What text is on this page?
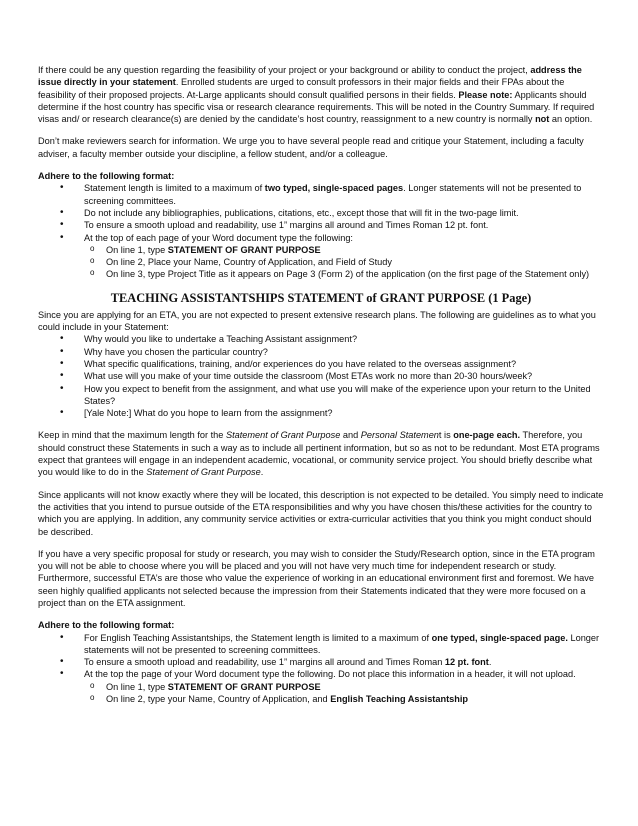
If there could be any question regarding the feasibility of your project or your background or ability to conduct the project, address the issue directly in your statement. Enrolled students are urged to consult professors in their major fields and their FPAs about the feasibility of their proposed projects. At-Large applicants should consult qualified persons in their fields. Please note: Applicants should determine if the host country has specific visa or research clearance requirements. This will be noted in the Country Summary. If required visas and/ or research clearance(s) are denied by the candidate’s host country, reassignment to a new country is normally not an option.

Don’t make reviewers search for information. We urge you to have several people read and critique your Statement, including a faculty adviser, a faculty member outside your discipline, a fellow student, and/or a colleague.

Adhere to the following format:
• Statement length is limited to a maximum of two typed, single-spaced pages. Longer statements will not be presented to screening committees.
• Do not include any bibliographies, publications, citations, etc., except those that will fit in the two-page limit.
• To ensure a smooth upload and readability, use 1” margins all around and Times Roman 12 pt. font.
• At the top of each page of your Word document type the following:
o On line 1, type STATEMENT OF GRANT PURPOSE
o On line 2, Place your Name, Country of Application, and Field of Study
o On line 3, type Project Title as it appears on Page 3 (Form 2) of the application (on the first page of the Statement only)
TEACHING ASSISTANTSHIPS STATEMENT of GRANT PURPOSE (1 Page)
Since you are applying for an ETA, you are not expected to present extensive research plans. The following are guidelines as to what you could include in your Statement:
• Why would you like to undertake a Teaching Assistant assignment?
• Why have you chosen the particular country?
• What specific qualifications, training, and/or experiences do you have related to the overseas assignment?
• What use will you make of your time outside the classroom (Most ETAs work no more than 20-30 hours/week?
• How you expect to benefit from the assignment, and what use you will make of the experience upon your return to the United States?
• [Yale Note:] What do you hope to learn from the assignment?

Keep in mind that the maximum length for the Statement of Grant Purpose and Personal Statement is one-page each. Therefore, you should construct these Statements in such a way as to include all pertinent information, but so as not to be redundant. Most ETA programs expect that grantees will engage in an independent academic, vocational, or community service project. You should briefly describe what you would like to do in the Statement of Grant Purpose.

Since applicants will not know exactly where they will be located, this description is not expected to be detailed. You simply need to indicate the activities that you intend to pursue outside of the ETA responsibilities and why you have chosen this/these activities for the country to which you are applying. In addition, any community service activities or extra-curricular activities that you think you might conduct should be described.

If you have a very specific proposal for study or research, you may wish to consider the Study/Research option, since in the ETA program you will not be able to choose where you will be placed and you will not have very much time for independent research or study. Furthermore, successful ETA’s are those who value the experience of working in an educational environment first and foremost. We have seen highly qualified applicants not selected because the impression from their Statements indicated that they were more focused on a project than on the ETA assignment.

Adhere to the following format:
• For English Teaching Assistantships, the Statement length is limited to a maximum of one typed, single-spaced page. Longer statements will not be presented to screening committees.
• To ensure a smooth upload and readability, use 1” margins all around and Times Roman 12 pt. font.
• At the top the page of your Word document type the following. Do not place this information in a header, it will not upload.
o On line 1, type STATEMENT OF GRANT PURPOSE
o On line 2, type your Name, Country of Application, and English Teaching Assistantship
